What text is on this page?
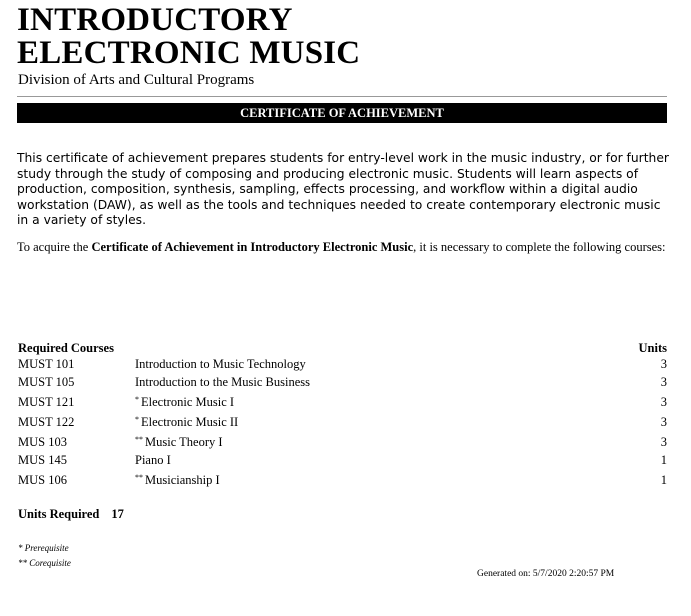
INTRODUCTORY
ELECTRONIC MUSIC
Division of Arts and Cultural Programs
CERTIFICATE OF ACHIEVEMENT
This certificate of achievement prepares students for entry-level work in the music industry, or for further study through the study of composing and producing electronic music. Students will learn aspects of production, composition, synthesis, sampling, effects processing, and workflow within a digital audio workstation (DAW), as well as the tools and techniques needed to create contemporary electronic music in a variety of styles.
To acquire the Certificate of Achievement in Introductory Electronic Music, it is necessary to complete the following courses:
Required Courses	Units
MUST 101	Introduction to Music Technology	3
MUST 105	Introduction to the Music Business	3
MUST 121	* Electronic Music I	3
MUST 122	* Electronic Music II	3
MUS 103	** Music Theory I	3
MUS 145	Piano I	1
MUS 106	** Musicianship I	1
Units Required 17
* Prerequisite
** Corequisite
Generated on: 5/7/2020 2:20:57 PM
